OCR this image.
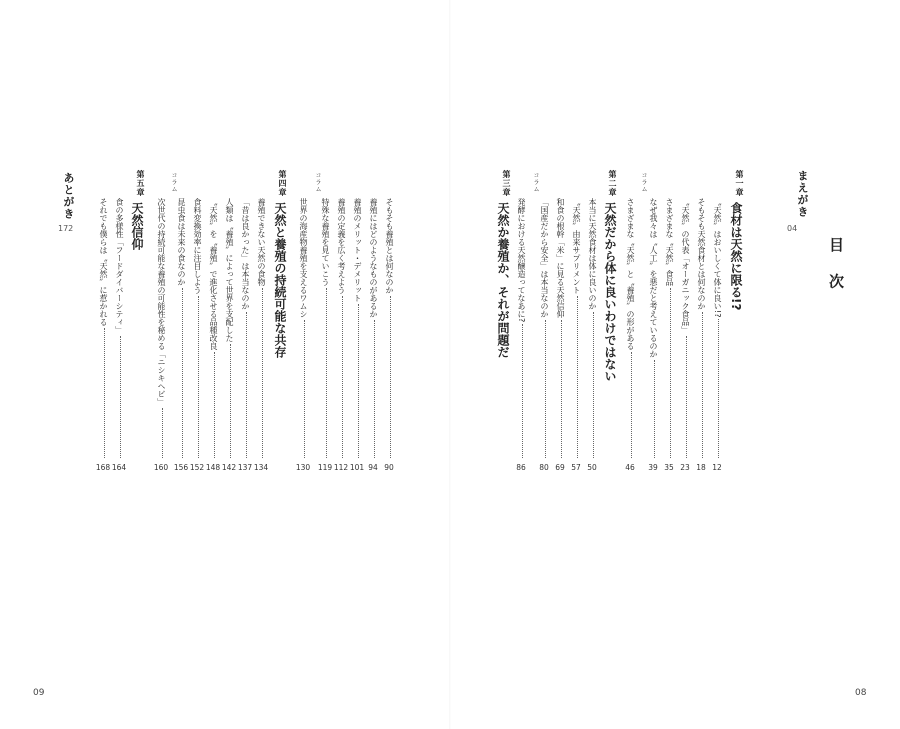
目 次
まえがき
04
第一章
食材は天然に限る!?
〝天然〟はおいしくて体に良い!?
12
そもそも天然食材とは何なのか
18
〝天然〟の代表「オーガニック食品」
23
さまざまな〝天然〟食品
35
なぜ我々は〝人工〟を悪だと考えているのか
39
コラム
さまざまな〝天然〟と〝養殖〟の形がある
46
第二章
天然だから体に良いわけではない
本当に天然食材は体に良いのか
50
〝天然〟由来サプリメント
57
和食の根幹「米」に見る天然信仰
69
「国産だから安全」は本当なのか
80
コラム
発酵における天然醸造ってなあに?
86
第三章
天然か養殖か、それが問題だ
そもそも養殖とは何なのか
90
養殖にはどのようなものがあるか
94
養殖のメリット・デメリット
101
養殖の定義を広く考えよう
112
特殊な養殖を見ていこう
119
コラム
世界の海産物養殖を支えるワムシ
130
第四章
天然と養殖の持続可能な共存
養殖できない天然の食物
134
「昔は良かった」は本当なのか
137
人類は〝養殖〟によって世界を支配した
142
〝天然〟を〝養殖〟で進化させる品種改良
148
食料変換効率に注目しよう
152
昆虫食は未来の食なのか
156
コラム
次世代の持続可能な養殖の可能性を秘める「ニシキヘビ」
160
第五章
天然信仰
食の多様性「フードダイバーシティ」
164
それでも僕らは〝天然〟に惹かれる
168
あとがき
172
09	08
